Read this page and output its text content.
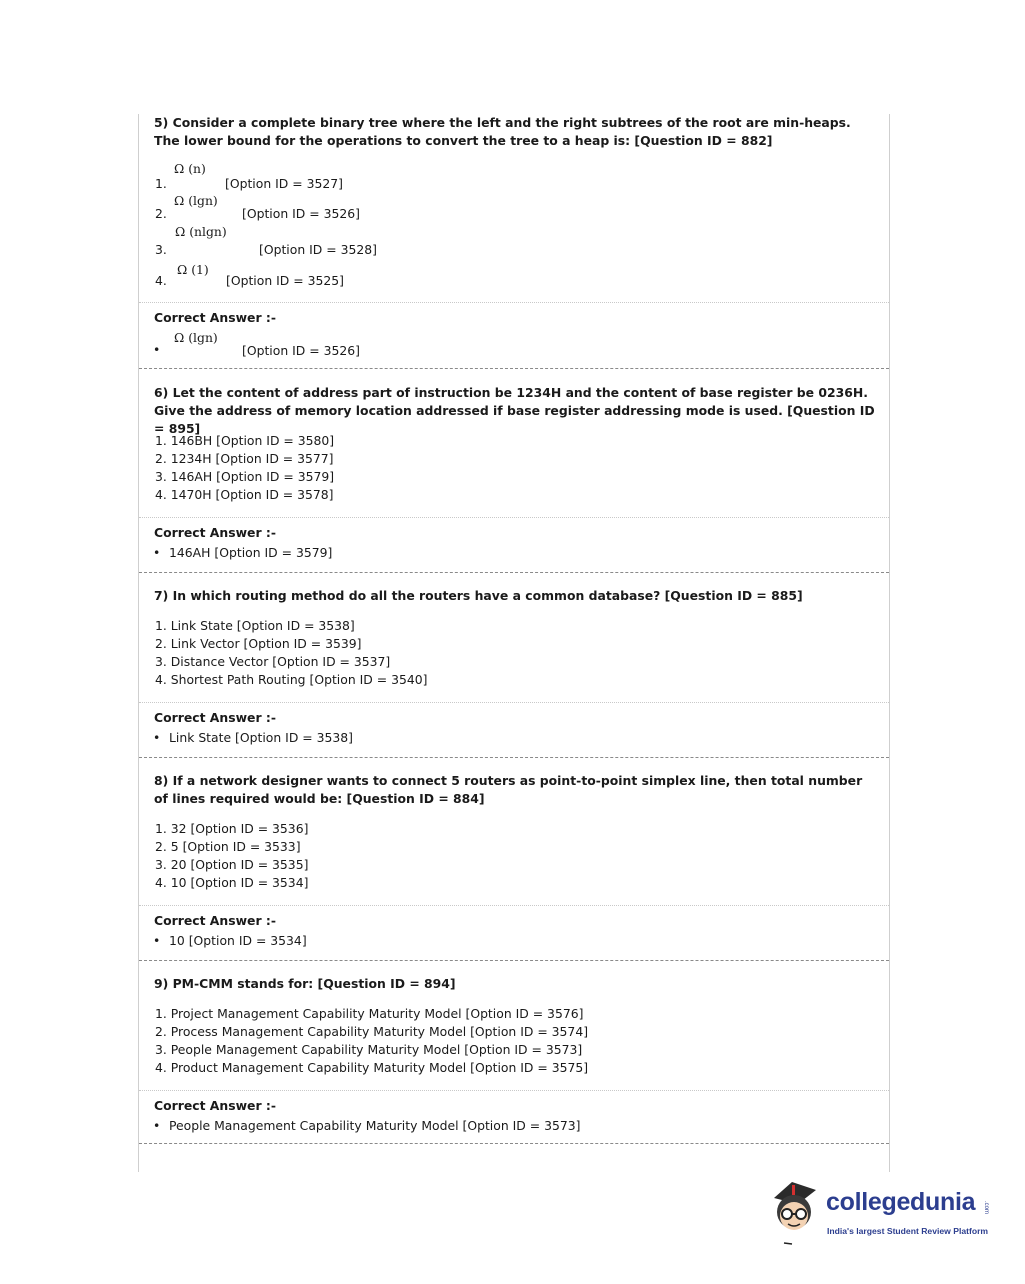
5) Consider a complete binary tree where the left and the right subtrees of the root are min-heaps. The lower bound for the operations to convert the tree to a heap is: [Question ID = 882]
1.
Ω (n)
[Option ID = 3527]
2.
Ω (lgn)
[Option ID = 3526]
3.
Ω (nlgn)
[Option ID = 3528]
4.
Ω (1)
[Option ID = 3525]
Correct Answer :-
•
Ω (lgn)
[Option ID = 3526]
6) Let the content of address part of instruction be 1234H and the content of base register be 0236H. Give the address of memory location addressed if base register addressing mode is used. [Question ID = 895]
1. 146BH [Option ID = 3580]
2. 1234H [Option ID = 3577]
3. 146AH [Option ID = 3579]
4. 1470H [Option ID = 3578]
Correct Answer :-
• 146AH [Option ID = 3579]
7) In which routing method do all the routers have a common database? [Question ID = 885]
1. Link State [Option ID = 3538]
2. Link Vector [Option ID = 3539]
3. Distance Vector [Option ID = 3537]
4. Shortest Path Routing [Option ID = 3540]
Correct Answer :-
• Link State [Option ID = 3538]
8) If a network designer wants to connect 5 routers as point-to-point simplex line, then total number of lines required would be: [Question ID = 884]
1. 32 [Option ID = 3536]
2. 5 [Option ID = 3533]
3. 20 [Option ID = 3535]
4. 10 [Option ID = 3534]
Correct Answer :-
• 10 [Option ID = 3534]
9) PM-CMM stands for: [Question ID = 894]
1. Project Management Capability Maturity Model [Option ID = 3576]
2. Process Management Capability Maturity Model [Option ID = 3574]
3. People Management Capability Maturity Model [Option ID = 3573]
4. Product Management Capability Maturity Model [Option ID = 3575]
Correct Answer :-
• People Management Capability Maturity Model [Option ID = 3573]
collegedunia .com
India's largest Student Review Platform
